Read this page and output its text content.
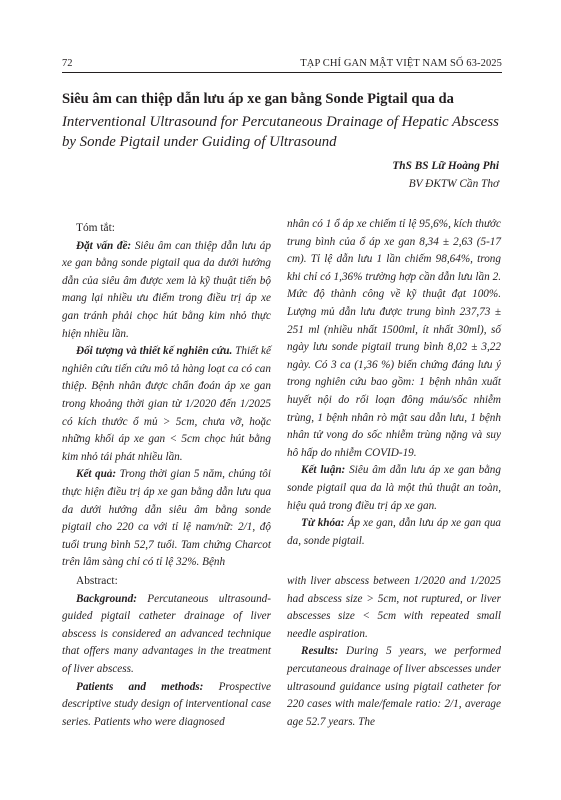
72	TẠP CHÍ GAN MẬT VIỆT NAM SỐ 63-2025
Siêu âm can thiệp dẫn lưu áp xe gan bằng Sonde Pigtail qua da
Interventional Ultrasound for Percutaneous Drainage of Hepatic Abscess by Sonde Pigtail under Guiding of Ultrasound
ThS BS Lữ Hoàng Phi
BV ĐKTW Cần Thơ

Tóm tắt:

Đặt vấn đề: Siêu âm can thiệp dẫn lưu áp xe gan bằng sonde pigtail qua da dưới hướng dẫn của siêu âm được xem là kỹ thuật tiến bộ mang lại nhiều ưu điểm trong điều trị áp xe gan tránh phải chọc hút bằng kim nhỏ thực hiện nhiều lần.

Đối tượng và thiết kế nghiên cứu. Thiết kế nghiên cứu tiến cứu mô tả hàng loạt ca có can thiệp. Bệnh nhân được chẩn đoán áp xe gan trong khoảng thời gian từ 1/2020 đến 1/2025 có kích thước ổ mủ > 5cm, chưa vỡ, hoặc những khối áp xe gan < 5cm chọc hút bằng kim nhỏ tái phát nhiều lần.

Kết quả: Trong thời gian 5 năm, chúng tôi thực hiện điều trị áp xe gan bằng dẫn lưu qua da dưới hướng dẫn siêu âm bằng sonde pigtail cho 220 ca với tỉ lệ nam/nữ: 2/1, độ tuổi trung bình 52,7 tuổi. Tam chứng Charcot trên lâm sàng chỉ có tỉ lệ 32%. Bệnh

nhân có 1 ổ áp xe chiếm tỉ lệ 95,6%, kích thước trung bình của ổ áp xe gan 8,34 ± 2,63 (5-17 cm). Tỉ lệ dẫn lưu 1 lần chiếm 98,64%, trong khi chỉ có 1,36% trường hợp cần dẫn lưu lần 2. Mức độ thành công về kỹ thuật đạt 100%. Lượng mủ dẫn lưu được trung bình 237,73 ± 251 ml (nhiều nhất 1500ml, ít nhất 30ml), số ngày lưu sonde pigtail trung bình 8,02 ± 3,22 ngày. Có 3 ca (1,36 %) biến chứng đáng lưu ý trong nghiên cứu bao gồm: 1 bệnh nhân xuất huyết nội do rối loạn đông máu/sốc nhiễm trùng, 1 bệnh nhân rò mật sau dẫn lưu, 1 bệnh nhân tử vong do sốc nhiễm trùng nặng và suy hô hấp do nhiễm COVID-19.

Kết luận: Siêu âm dẫn lưu áp xe gan bằng sonde pigtail qua da là một thủ thuật an toàn, hiệu quả trong điều trị áp xe gan.

Từ khóa: Áp xe gan, dẫn lưu áp xe gan qua da, sonde pigtail.

Abstract:

Background: Percutaneous ultrasound-guided pigtail catheter drainage of liver abscess is considered an advanced technique that offers many advantages in the treatment of liver abscess.

Patients and methods: Prospective descriptive study design of interventional case series. Patients who were diagnosed

with liver abscess between 1/2020 and 1/2025 had abscess size > 5cm, not ruptured, or liver abscesses size < 5cm with repeated small needle aspiration.

Results: During 5 years, we performed percutaneous drainage of liver abscesses under ultrasound guidance using pigtail catheter for 220 cases with male/female ratio: 2/1, average age 52.7 years. The
